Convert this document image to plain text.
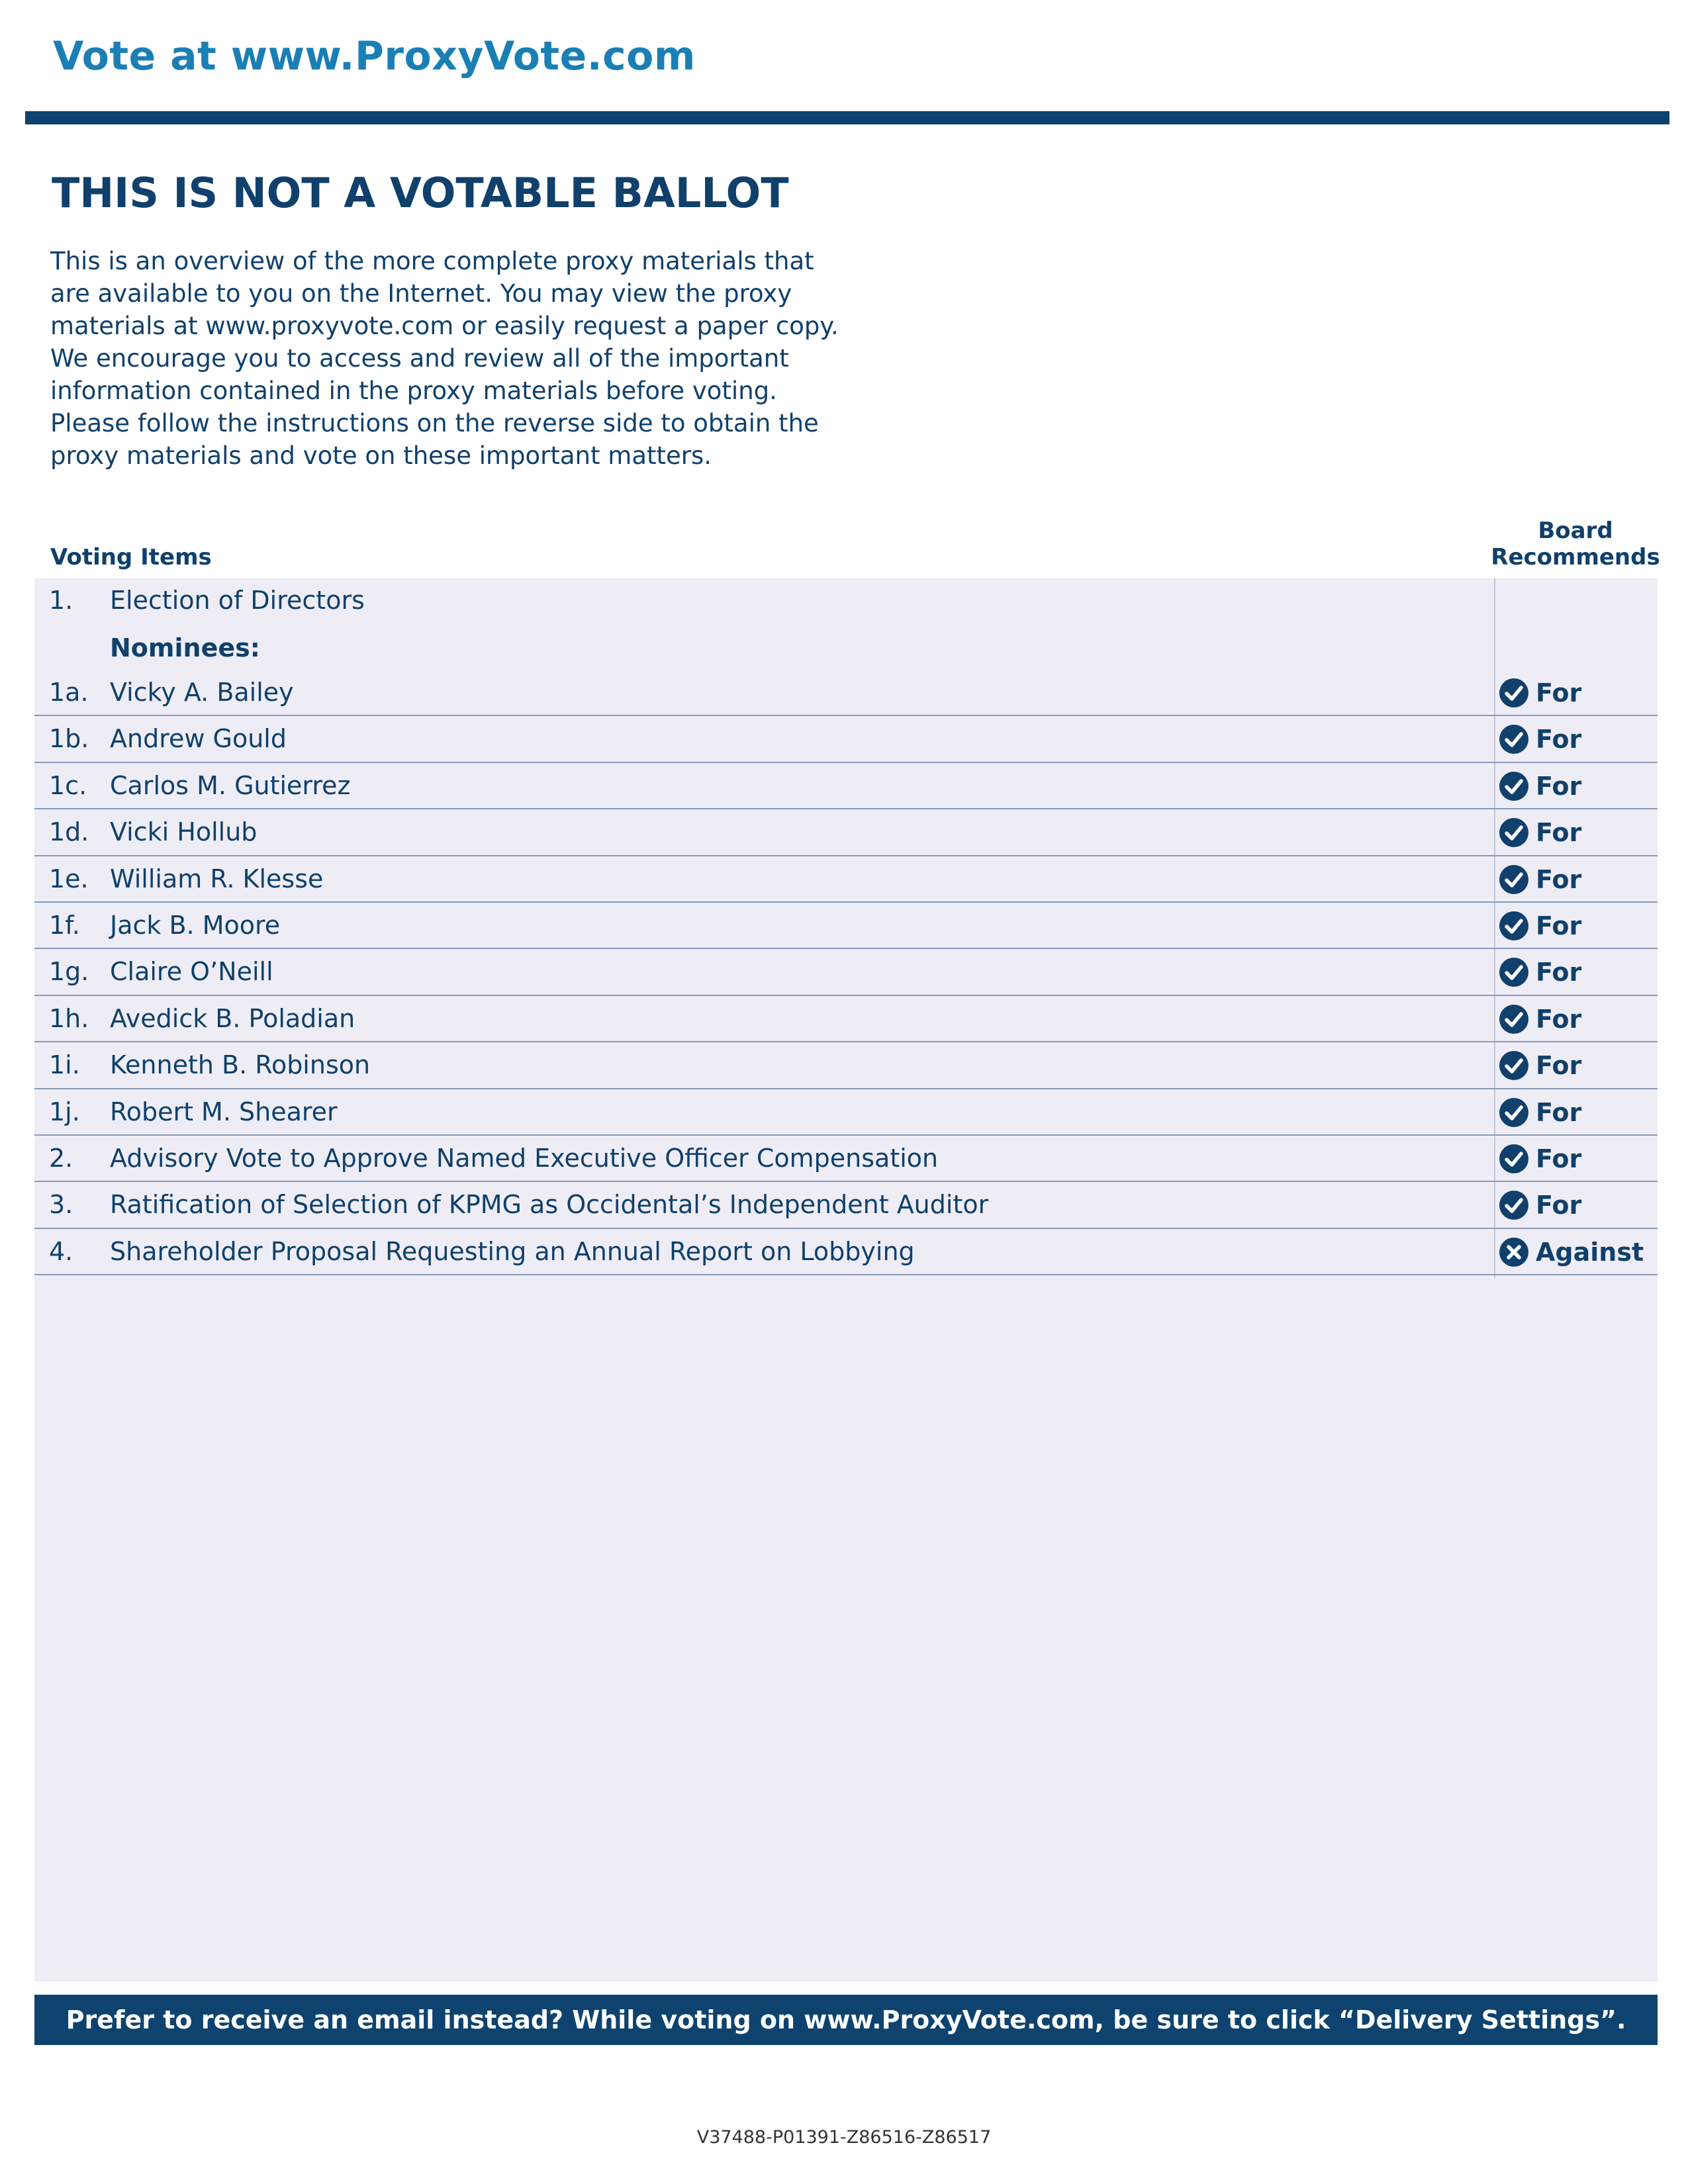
Vote at www.ProxyVote.com
THIS IS NOT A VOTABLE BALLOT

This is an overview of the more complete proxy materials that

are available to you on the Internet. You may view the proxy

materials at www.proxyvote.com or easily request a paper copy.

We encourage you to access and review all of the important

information contained in the proxy materials before voting.

Please follow the instructions on the reverse side to obtain the

proxy materials and vote on these important matters.

Voting Items
Board
Recommends
1. Election of Directors
Nominees:
1a. Vicky A. Bailey	For
1b. Andrew Gould	For
1c. Carlos M. Gutierrez	For
1d. Vicki Hollub	For
1e. William R. Klesse	For
1f. Jack B. Moore	For
1g. Claire O’Neill	For
1h. Avedick B. Poladian	For
1i. Kenneth B. Robinson	For
1j. Robert M. Shearer	For
2. Advisory Vote to Approve Named Executive Officer Compensation	For
3. Ratification of Selection of KPMG as Occidental’s Independent Auditor	For
4. Shareholder Proposal Requesting an Annual Report on Lobbying	Against
Prefer to receive an email instead? While voting on www.ProxyVote.com, be sure to click “Delivery Settings”.
V37488-P01391-Z86516-Z86517
